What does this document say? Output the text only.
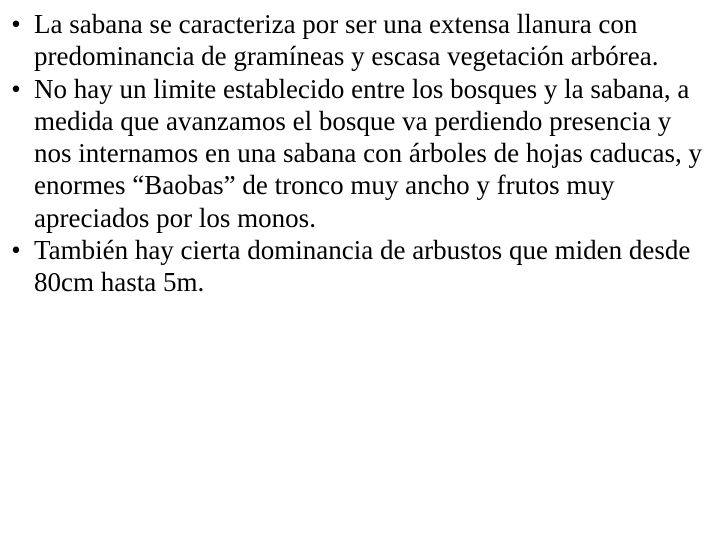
• La sabana se caracteriza por ser una extensa llanura con predominancia de gramíneas y escasa vegetación arbórea.
• No hay un limite establecido entre los bosques y la sabana, a medida que avanzamos el bosque va perdiendo presencia y nos internamos en una sabana con árboles de hojas caducas, y enormes “Baobas” de tronco muy ancho y frutos muy apreciados por los monos.
• También hay cierta dominancia de arbustos que miden desde 80cm hasta 5m.
